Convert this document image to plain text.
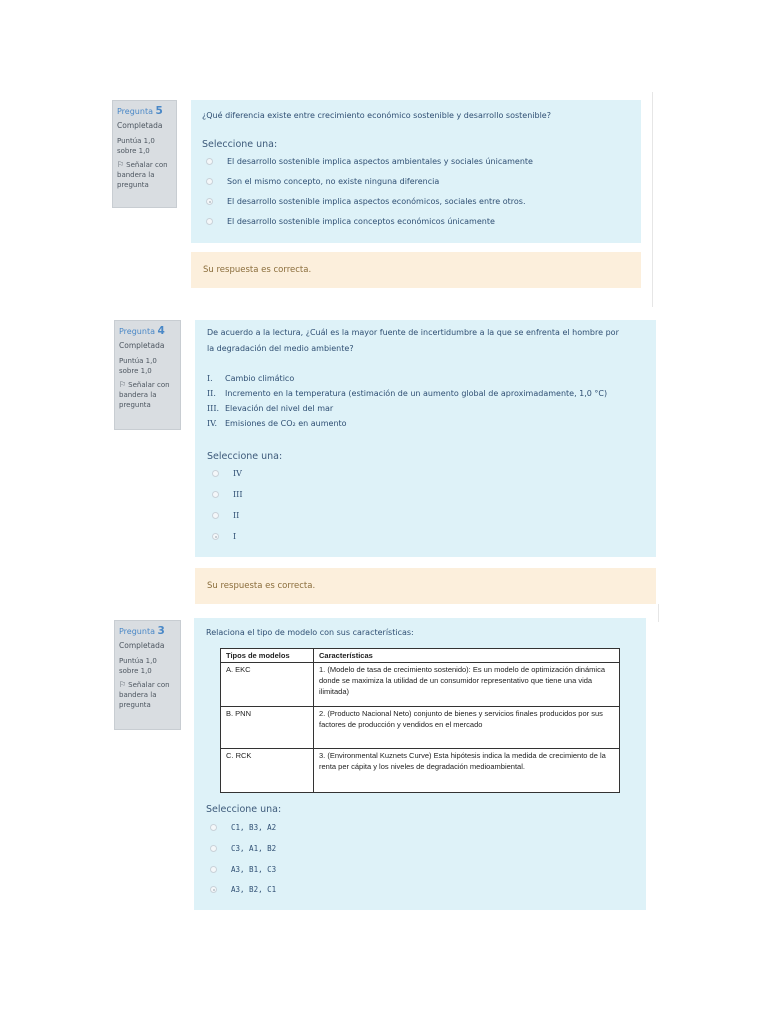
Pregunta 5
Completada
Puntúa 1,0 sobre 1,0
⚐ Señalar con bandera la pregunta
¿Qué diferencia existe entre crecimiento económico sostenible y desarrollo sostenible?
Seleccione una:
El desarrollo sostenible implica aspectos ambientales y sociales únicamente
Son el mismo concepto, no existe ninguna diferencia
El desarrollo sostenible implica aspectos económicos, sociales entre otros.
El desarrollo sostenible implica conceptos económicos únicamente
Su respuesta es correcta.
Pregunta 4
Completada
Puntúa 1,0 sobre 1,0
⚐ Señalar con bandera la pregunta
De acuerdo a la lectura, ¿Cuál es la mayor fuente de incertidumbre a la que se enfrenta el hombre por
la degradación del medio ambiente?
I. Cambio climático
II. Incremento en la temperatura (estimación de un aumento global de aproximadamente, 1,0 °C)
III. Elevación del nivel del mar
IV. Emisiones de CO₂ en aumento
Seleccione una:
IV
III
II
I
Su respuesta es correcta.
Pregunta 3
Completada
Puntúa 1,0 sobre 1,0
⚐ Señalar con bandera la pregunta
Relaciona el tipo de modelo con sus características:
Tipos de modelos	Características
A. EKC	1. (Modelo de tasa de crecimiento sostenido): Es un modelo de optimización dinámica donde se maximiza la utilidad de un consumidor representativo que tiene una vida ilimitada)
B. PNN	2. (Producto Nacional Neto) conjunto de bienes y servicios finales producidos por sus factores de producción y vendidos en el mercado
C. RCK	3. (Environmental Kuznets Curve) Esta hipótesis indica la medida de crecimiento de la renta per cápita y los niveles de degradación medioambiental.
Seleccione una:
C1, B3, A2
C3, A1, B2
A3, B1, C3
A3, B2, C1
